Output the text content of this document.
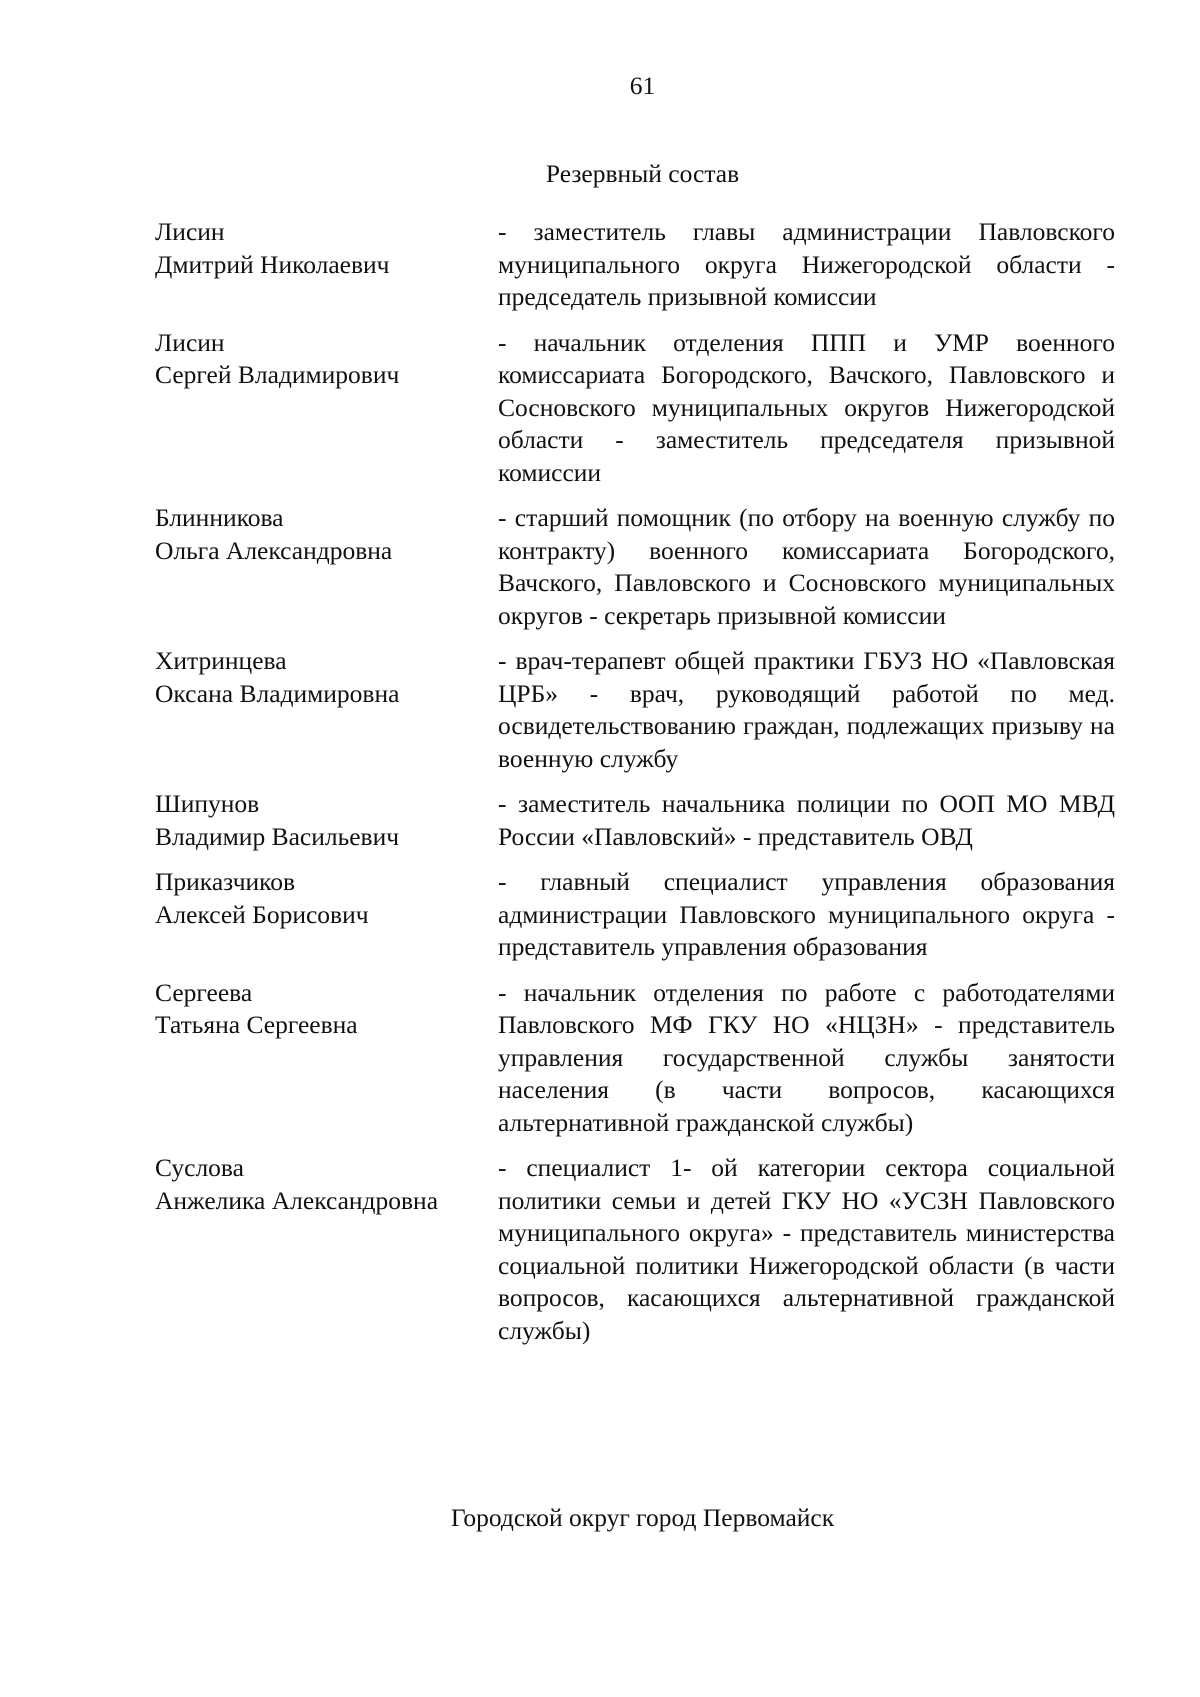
61
Резервный состав
Лисин
Дмитрий Николаевич
- заместитель главы администрации Павловского муниципального округа Нижегородской области - председатель призывной комиссии
Лисин
Сергей Владимирович
- начальник отделения ППП и УМР военного комиссариата Богородского, Вачского, Павловского и Сосновского муниципальных округов Нижегородской области - заместитель председателя призывной комиссии
Блинникова
Ольга Александровна
- старший помощник (по отбору на военную службу по контракту) военного комиссариата Богородского, Вачского, Павловского и Сосновского муниципальных округов - секретарь призывной комиссии
Хитринцева
Оксана Владимировна
- врач-терапевт общей практики ГБУЗ НО «Павловская ЦРБ» - врач, руководящий работой по мед. освидетельствованию граждан, подлежащих призыву на военную службу
Шипунов
Владимир Васильевич
- заместитель начальника полиции по ООП МО МВД России «Павловский» - представитель ОВД
Приказчиков
Алексей Борисович
- главный специалист управления образования администрации Павловского муниципального округа - представитель управления образования
Сергеева
Татьяна Сергеевна
- начальник отделения по работе с работодателями Павловского МФ ГКУ НО «НЦЗН» - представитель управления государственной службы занятости населения (в части вопросов, касающихся альтернативной гражданской службы)
Суслова
Анжелика Александровна
- специалист 1- ой категории сектора социальной политики семьи и детей ГКУ НО «УСЗН Павловского муниципального округа» - представитель министерства социальной политики Нижегородской области (в части вопросов, касающихся альтернативной гражданской службы)
Городской округ город Первомайск
